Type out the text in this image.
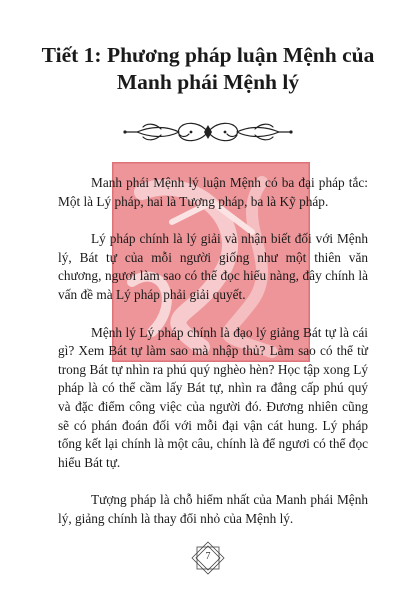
Tiết 1: Phương pháp luận Mệnh của
Manh phái Mệnh lý

Manh phái Mệnh lý luận Mệnh có ba đại pháp tắc: Một là Lý pháp, hai là Tượng pháp, ba là Kỹ pháp.

Lý pháp chính là lý giải và nhận biết đối với Mệnh lý, Bát tự của mỗi người giống như một thiên văn chương, ngươi làm sao có thể đọc hiểu nàng, đây chính là vấn đề mà Lý pháp phải giải quyết.

Mệnh lý Lý pháp chính là đạo lý giảng Bát tự là cái gì? Xem Bát tự làm sao mà nhập thủ? Làm sao có thể từ trong Bát tự nhìn ra phú quý nghèo hèn? Học tập xong Lý pháp là có thể cầm lấy Bát tự, nhìn ra đẳng cấp phú quý và đặc điểm công việc của người đó. Đương nhiên cũng sẽ có phán đoán đối với mỗi đại vận cát hung. Lý pháp tổng kết lại chính là một câu, chính là để ngươi có thể đọc hiểu Bát tự.

Tượng pháp là chỗ hiểm nhất của Manh phái Mệnh lý, giảng chính là thay đổi nhỏ của Mệnh lý.

7
